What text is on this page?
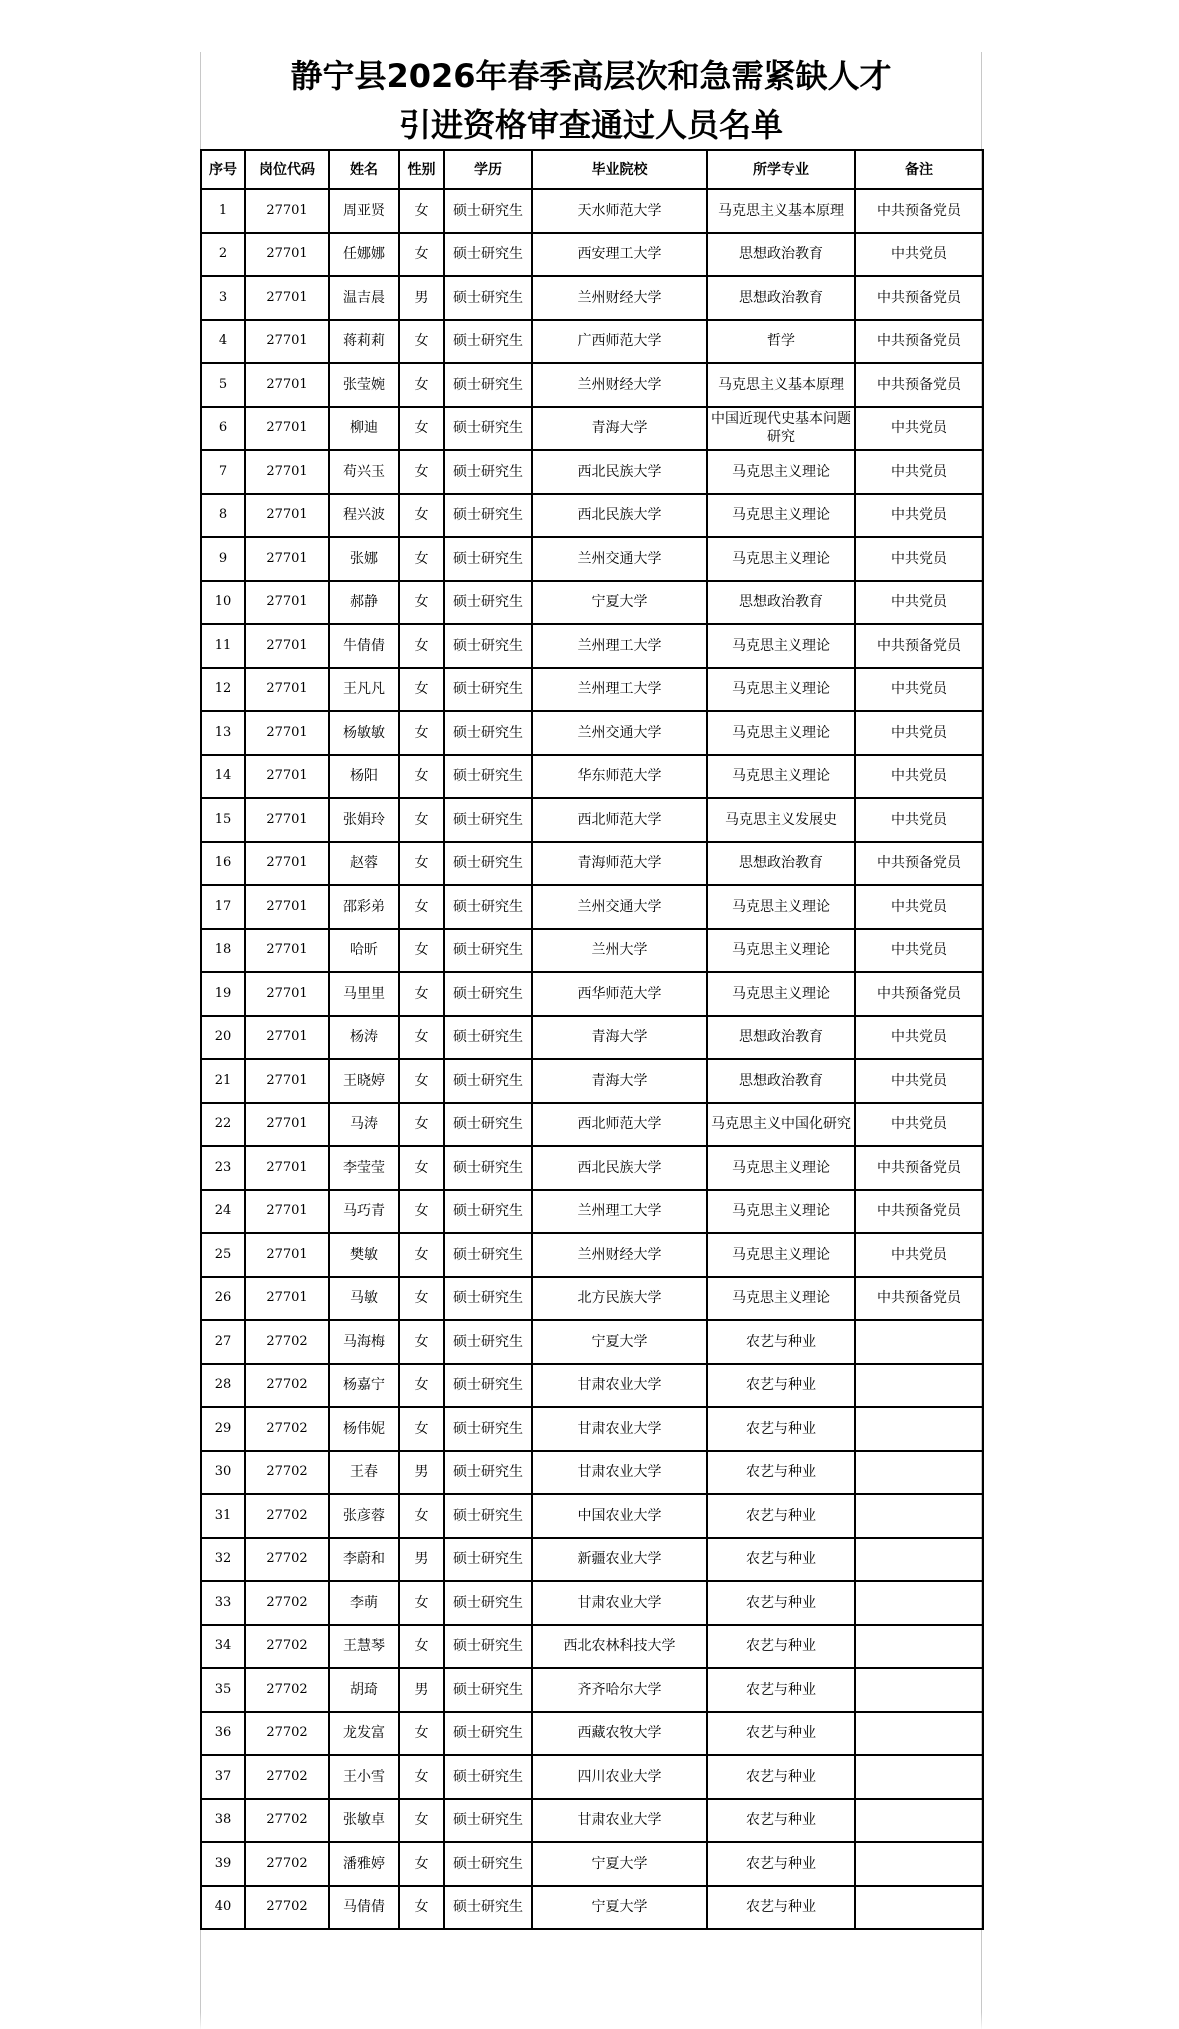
静宁县2026年春季高层次和急需紧缺人才
引进资格审查通过人员名单
序号	岗位代码	姓名	性别	学历	毕业院校	所学专业	备注
1	27701	周亚贤	女	硕士研究生	天水师范大学	马克思主义基本原理	中共预备党员
2	27701	任娜娜	女	硕士研究生	西安理工大学	思想政治教育	中共党员
3	27701	温吉晨	男	硕士研究生	兰州财经大学	思想政治教育	中共预备党员
4	27701	蒋莉莉	女	硕士研究生	广西师范大学	哲学	中共预备党员
5	27701	张莹婉	女	硕士研究生	兰州财经大学	马克思主义基本原理	中共预备党员
6	27701	柳迪	女	硕士研究生	青海大学	中国近现代史基本问题研究	中共党员
7	27701	苟兴玉	女	硕士研究生	西北民族大学	马克思主义理论	中共党员
8	27701	程兴波	女	硕士研究生	西北民族大学	马克思主义理论	中共党员
9	27701	张娜	女	硕士研究生	兰州交通大学	马克思主义理论	中共党员
10	27701	郝静	女	硕士研究生	宁夏大学	思想政治教育	中共党员
11	27701	牛倩倩	女	硕士研究生	兰州理工大学	马克思主义理论	中共预备党员
12	27701	王凡凡	女	硕士研究生	兰州理工大学	马克思主义理论	中共党员
13	27701	杨敏敏	女	硕士研究生	兰州交通大学	马克思主义理论	中共党员
14	27701	杨阳	女	硕士研究生	华东师范大学	马克思主义理论	中共党员
15	27701	张娟玲	女	硕士研究生	西北师范大学	马克思主义发展史	中共党员
16	27701	赵蓉	女	硕士研究生	青海师范大学	思想政治教育	中共预备党员
17	27701	邵彩弟	女	硕士研究生	兰州交通大学	马克思主义理论	中共党员
18	27701	哈昕	女	硕士研究生	兰州大学	马克思主义理论	中共党员
19	27701	马里里	女	硕士研究生	西华师范大学	马克思主义理论	中共预备党员
20	27701	杨涛	女	硕士研究生	青海大学	思想政治教育	中共党员
21	27701	王晓婷	女	硕士研究生	青海大学	思想政治教育	中共党员
22	27701	马涛	女	硕士研究生	西北师范大学	马克思主义中国化研究	中共党员
23	27701	李莹莹	女	硕士研究生	西北民族大学	马克思主义理论	中共预备党员
24	27701	马巧青	女	硕士研究生	兰州理工大学	马克思主义理论	中共预备党员
25	27701	樊敏	女	硕士研究生	兰州财经大学	马克思主义理论	中共党员
26	27701	马敏	女	硕士研究生	北方民族大学	马克思主义理论	中共预备党员
27	27702	马海梅	女	硕士研究生	宁夏大学	农艺与种业	
28	27702	杨嘉宁	女	硕士研究生	甘肃农业大学	农艺与种业	
29	27702	杨伟妮	女	硕士研究生	甘肃农业大学	农艺与种业	
30	27702	王春	男	硕士研究生	甘肃农业大学	农艺与种业	
31	27702	张彦蓉	女	硕士研究生	中国农业大学	农艺与种业	
32	27702	李蔚和	男	硕士研究生	新疆农业大学	农艺与种业	
33	27702	李萌	女	硕士研究生	甘肃农业大学	农艺与种业	
34	27702	王慧琴	女	硕士研究生	西北农林科技大学	农艺与种业	
35	27702	胡琦	男	硕士研究生	齐齐哈尔大学	农艺与种业	
36	27702	龙发富	女	硕士研究生	西藏农牧大学	农艺与种业	
37	27702	王小雪	女	硕士研究生	四川农业大学	农艺与种业	
38	27702	张敏卓	女	硕士研究生	甘肃农业大学	农艺与种业	
39	27702	潘雅婷	女	硕士研究生	宁夏大学	农艺与种业	
40	27702	马倩倩	女	硕士研究生	宁夏大学	农艺与种业	
